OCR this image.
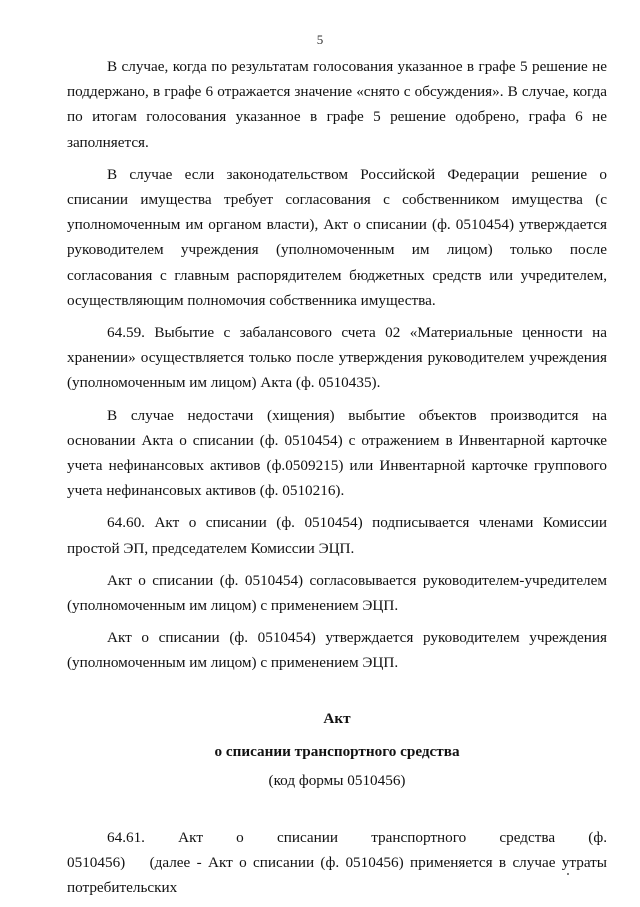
5

В случае, когда по результатам голосования указанное в графе 5 решение не поддержано, в графе 6 отражается значение «снято с обсуждения». В случае, когда по итогам голосования указанное в графе 5 решение одобрено, графа 6 не заполняется.

В случае если законодательством Российской Федерации решение о списании имущества требует согласования с собственником имущества (с уполномоченным им органом власти), Акт о списании (ф. 0510454) утверждается руководителем учреждения (уполномоченным им лицом) только после согласования с главным распорядителем бюджетных средств или учредителем, осуществляющим полномочия собственника имущества.

64.59. Выбытие с забалансового счета 02 «Материальные ценности на хранении» осуществляется только после утверждения руководителем учреждения (уполномоченным им лицом) Акта (ф. 0510435).

В случае недостачи (хищения) выбытие объектов производится на основании Акта о списании (ф. 0510454) с отражением в Инвентарной карточке учета нефинансовых активов (ф.0509215) или Инвентарной карточке группового учета нефинансовых активов (ф. 0510216).

64.60. Акт о списании (ф. 0510454) подписывается членами Комиссии простой ЭП, председателем Комиссии ЭЦП.

Акт о списании (ф. 0510454) согласовывается руководителем-учредителем (уполномоченным им лицом) с применением ЭЦП.

Акт о списании (ф. 0510454) утверждается руководителем учреждения (уполномоченным им лицом) с применением ЭЦП.

Акт

о списании транспортного средства

(код формы 0510456)

64.61. Акт о списании транспортного средства (ф. 0510456) (далее - Акт о списании (ф. 0510456) применяется в случае утраты потребительских
